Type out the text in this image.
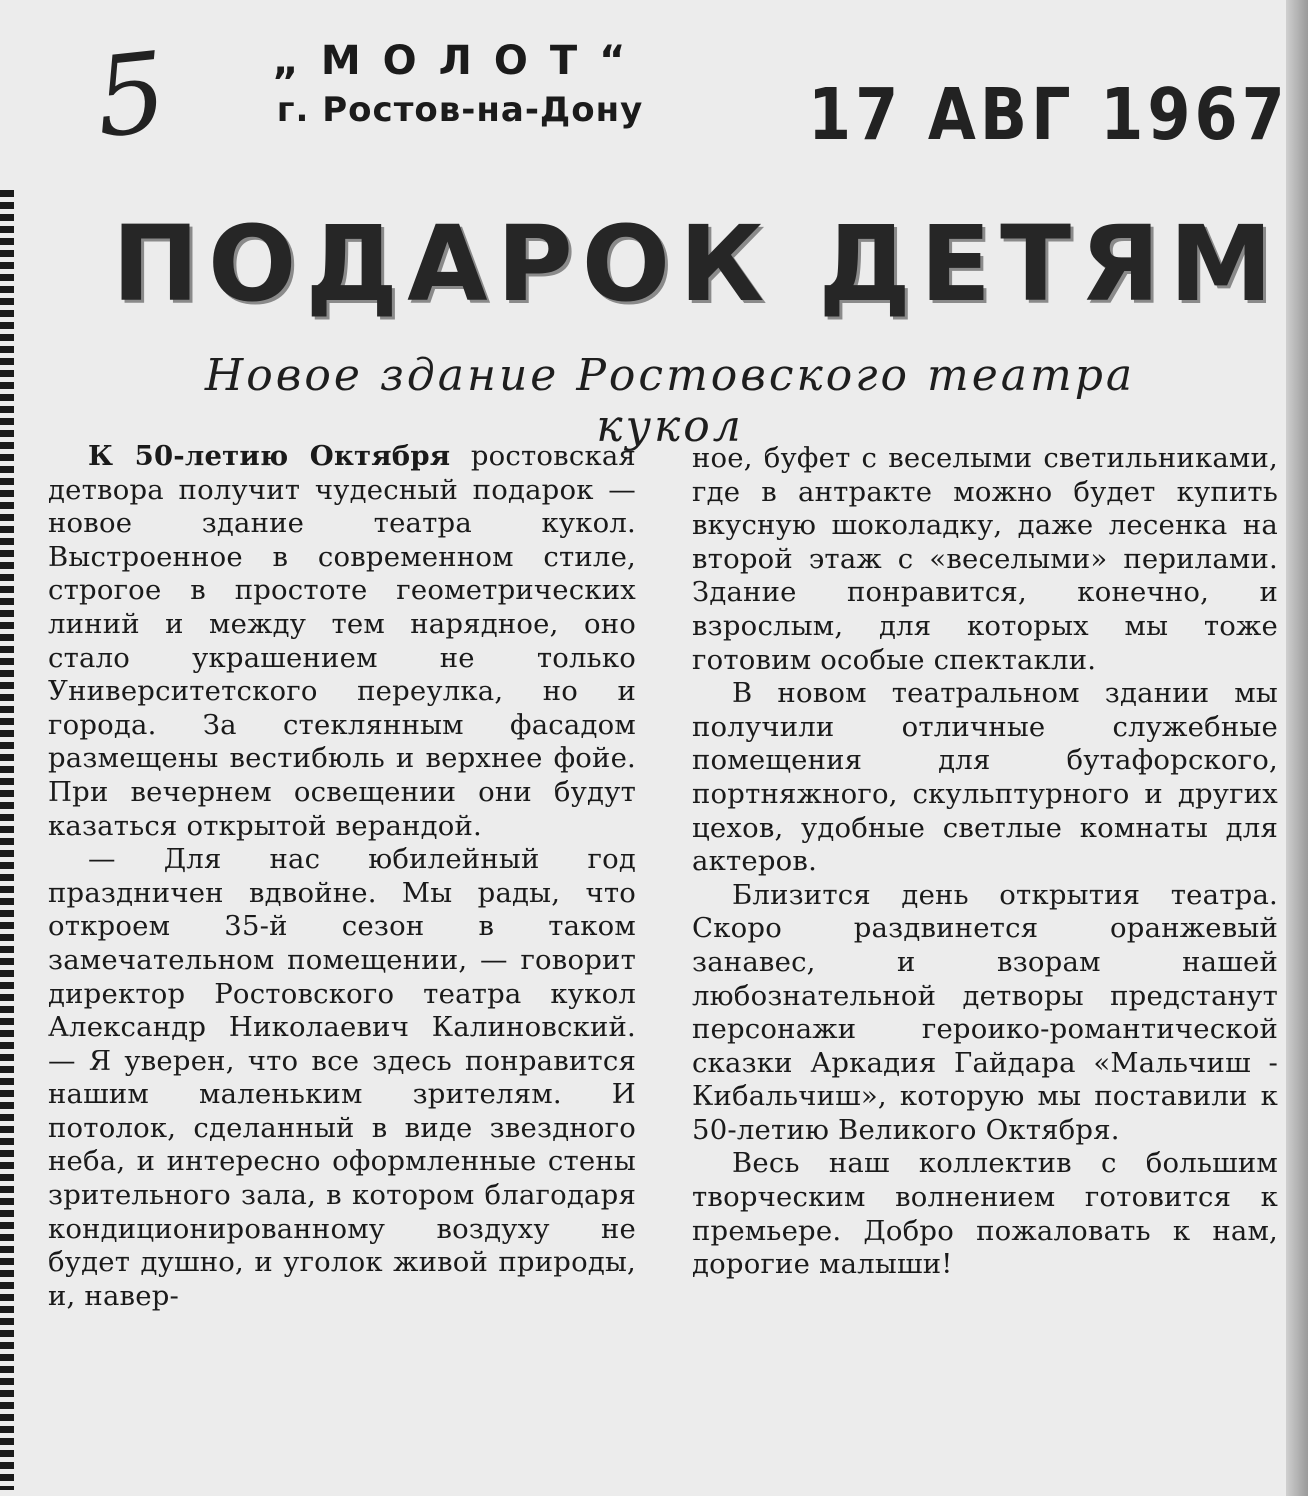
5	„МОЛОТ“
г. Ростов-на-Дону	17 АВГ 1967
ПОДАРОК ДЕТЯМ
Новое здание Ростовского театра кукол

К 50-летию Октября ростовская детвора получит чудесный подарок — новое здание театра кукол. Выстроенное в современном стиле, строгое в простоте геометрических линий и между тем нарядное, оно стало украшением не только Университетского переулка, но и города. За стеклянным фасадом размещены вестибюль и верхнее фойе. При вечернем освещении они будут казаться открытой верандой.

— Для нас юбилейный год праздничен вдвойне. Мы рады, что откроем 35-й сезон в таком замечательном помещении, — говорит директор Ростовского театра кукол Александр Николаевич Калиновский. — Я уверен, что все здесь понравится нашим маленьким зрителям. И потолок, сделанный в виде звездного неба, и интересно оформленные стены зрительного зала, в котором благодаря кондиционированному воздуху не будет душно, и уголок живой природы, и, навер-

ное, буфет с веселыми светильниками, где в антракте можно будет купить вкусную шоколадку, даже лесенка на второй этаж с «веселыми» перилами. Здание понравится, конечно, и взрослым, для которых мы тоже готовим особые спектакли.

В новом театральном здании мы получили отличные служебные помещения для бутафорского, портняжного, скульптурного и других цехов, удобные светлые комнаты для актеров.

Близится день открытия театра. Скоро раздвинется оранжевый занавес, и взорам нашей любознательной детворы предстанут персонажи героико-романтической сказки Аркадия Гайдара «Мальчиш - Кибальчиш», которую мы поставили к 50-летию Великого Октября.

Весь наш коллектив с большим творческим волнением готовится к премьере. Добро пожаловать к нам, дорогие малыши!
